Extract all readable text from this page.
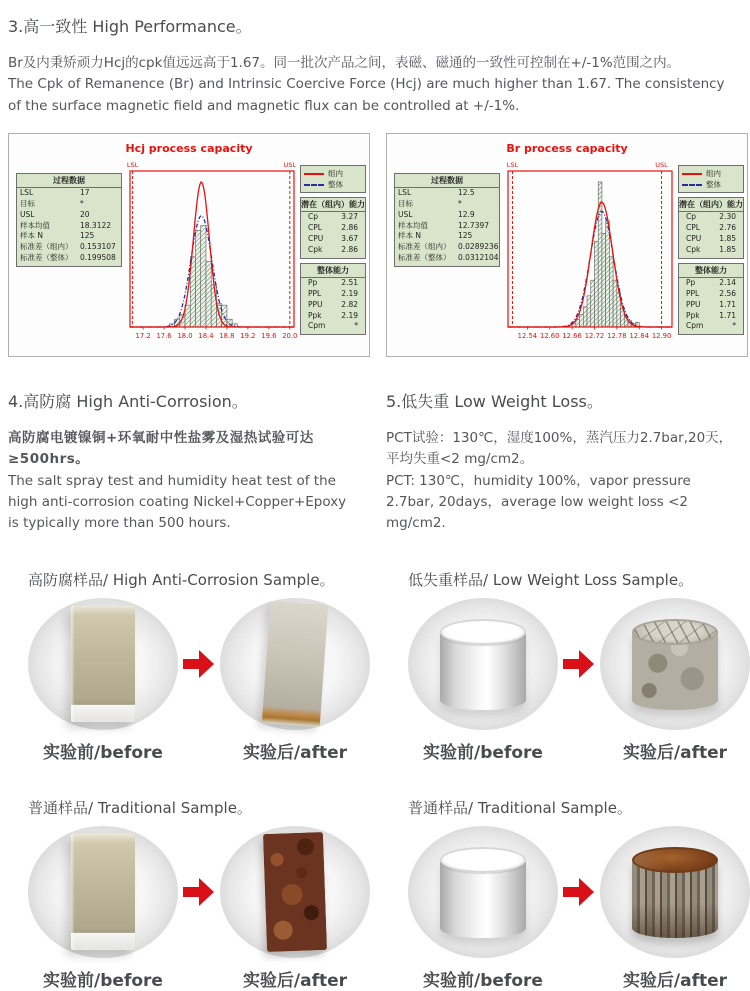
3.高一致性 High Performance。

Br及内秉矫顽力Hcj的cpk值远远高于1.67。同一批次产品之间，表磁、磁通的一致性可控制在+/-1%范围之内。
The Cpk of Remanence (Br) and Intrinsic Coercive Force (Hcj) are much higher than 1.67. The consistency of the surface magnetic field and magnetic flux can be controlled at +/-1%.

Hcj process capacity
过程数据
LSL	17
目标	*
USL	20
样本均值	18.3122
样本 N	125
标准差（组内）	0.153107
标准差（整体）	0.199508
LSL	USL
17.2 17.6 18.0 18.4 18.8 19.2 19.6 20.0
组内
整体
潜在（组内）能力
Cp	3.27
CPL	2.86
CPU 3.67
Cpk	2.86
整体能力
Pp	2.51
PPL	2.19
PPU	2.82
Ppk	2.19
Cpm	*
Br process capacity
过程数据
LSL	12.5
目标	*
USL	12.9
样本均值	12.7397
样本 N	125
标准差（组内）	0.0289236
标准差（整体）	0.0312104
LSL	USL
12.54 12.60 12.66 12.72 12.78 12.84 12.90
组内
整体
潜在（组内）能力
Cp	2.30
CPL	2.76
CPU 1.85
Cpk	1.85
整体能力
Pp	2.14
PPL	2.56
PPU	1.71
Ppk	1.71
Cpm	*
4.高防腐 High Anti-Corrosion。

高防腐电镀镍铜+环氧耐中性盐雾及湿热试验可达≥500hrs。
The salt spray test and humidity heat test of the high anti-corrosion coating Nickel+Copper+Epoxy is typically more than 500 hours.

5.低失重 Low Weight Loss。

PCT试验：130℃，湿度100%，蒸汽压力2.7bar,20天，平均失重<2 mg/cm2。
PCT: 130℃，humidity 100%，vapor pressure 2.7bar, 20days，average low weight loss <2 mg/cm2.

高防腐样品/ High Anti-Corrosion Sample。
实验前/before	实验后/after
低失重样品/ Low Weight Loss Sample。
实验前/before	实验后/after
普通样品/ Traditional Sample。
实验前/before	实验后/after
普通样品/ Traditional Sample。
实验前/before	实验后/after
